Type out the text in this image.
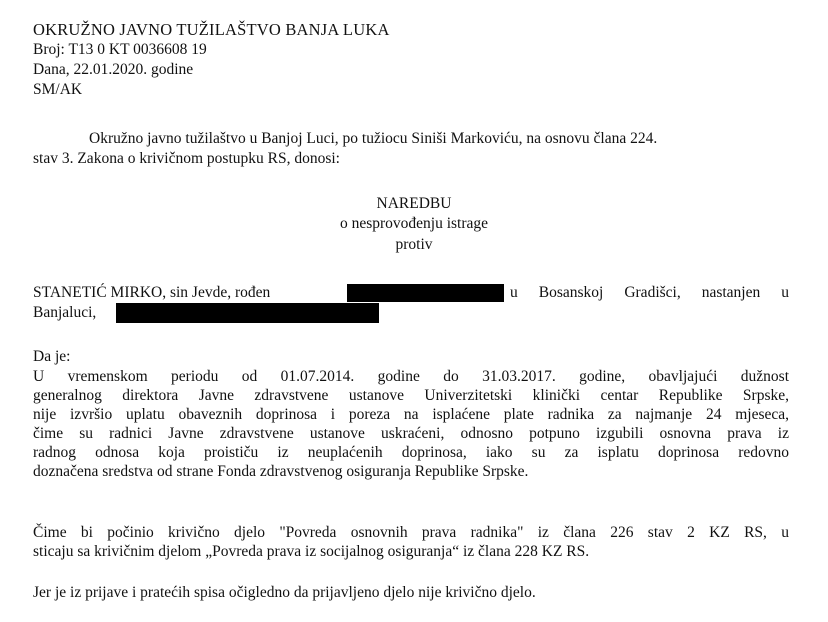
OKRUŽNO JAVNO TUŽILAŠTVO BANJA LUKA
Broj: T13 0 KT 0036608 19
Dana, 22.01.2020. godine
SM/AK
Okružno javno tužilaštvo u Banjoj Luci, po tužiocu Siniši Markoviću, na osnovu člana 224.
stav 3. Zakona o krivičnom postupku RS, donosi:
NAREDBU
o nesprovođenju istrage
protiv
STANETIĆ MIRKO, sin Jevde, rođen	u Bosanskoj Gradišci, nastanjen u
Banjaluci,
Da je:
U vremenskom periodu od 01.07.2014. godine do 31.03.2017. godine, obavljajući dužnost
generalnog direktora Javne zdravstvene ustanove Univerzitetski klinički centar Republike Srpske,
nije izvršio uplatu obaveznih doprinosa i poreza na isplaćene plate radnika za najmanje 24 mjeseca,
čime su radnici Javne zdravstvene ustanove uskraćeni, odnosno potpuno izgubili osnovna prava iz
radnog odnosa koja proističu iz neuplaćenih doprinosa, iako su za isplatu doprinosa redovno
doznačena sredstva od strane Fonda zdravstvenog osiguranja Republike Srpske.
Čime bi počinio krivično djelo "Povreda osnovnih prava radnika" iz člana 226 stav 2 KZ RS, u
sticaju sa krivičnim djelom „Povreda prava iz socijalnog osiguranja“ iz člana 228 KZ RS.
Jer je iz prijave i pratećih spisa očigledno da prijavljeno djelo nije krivično djelo.
